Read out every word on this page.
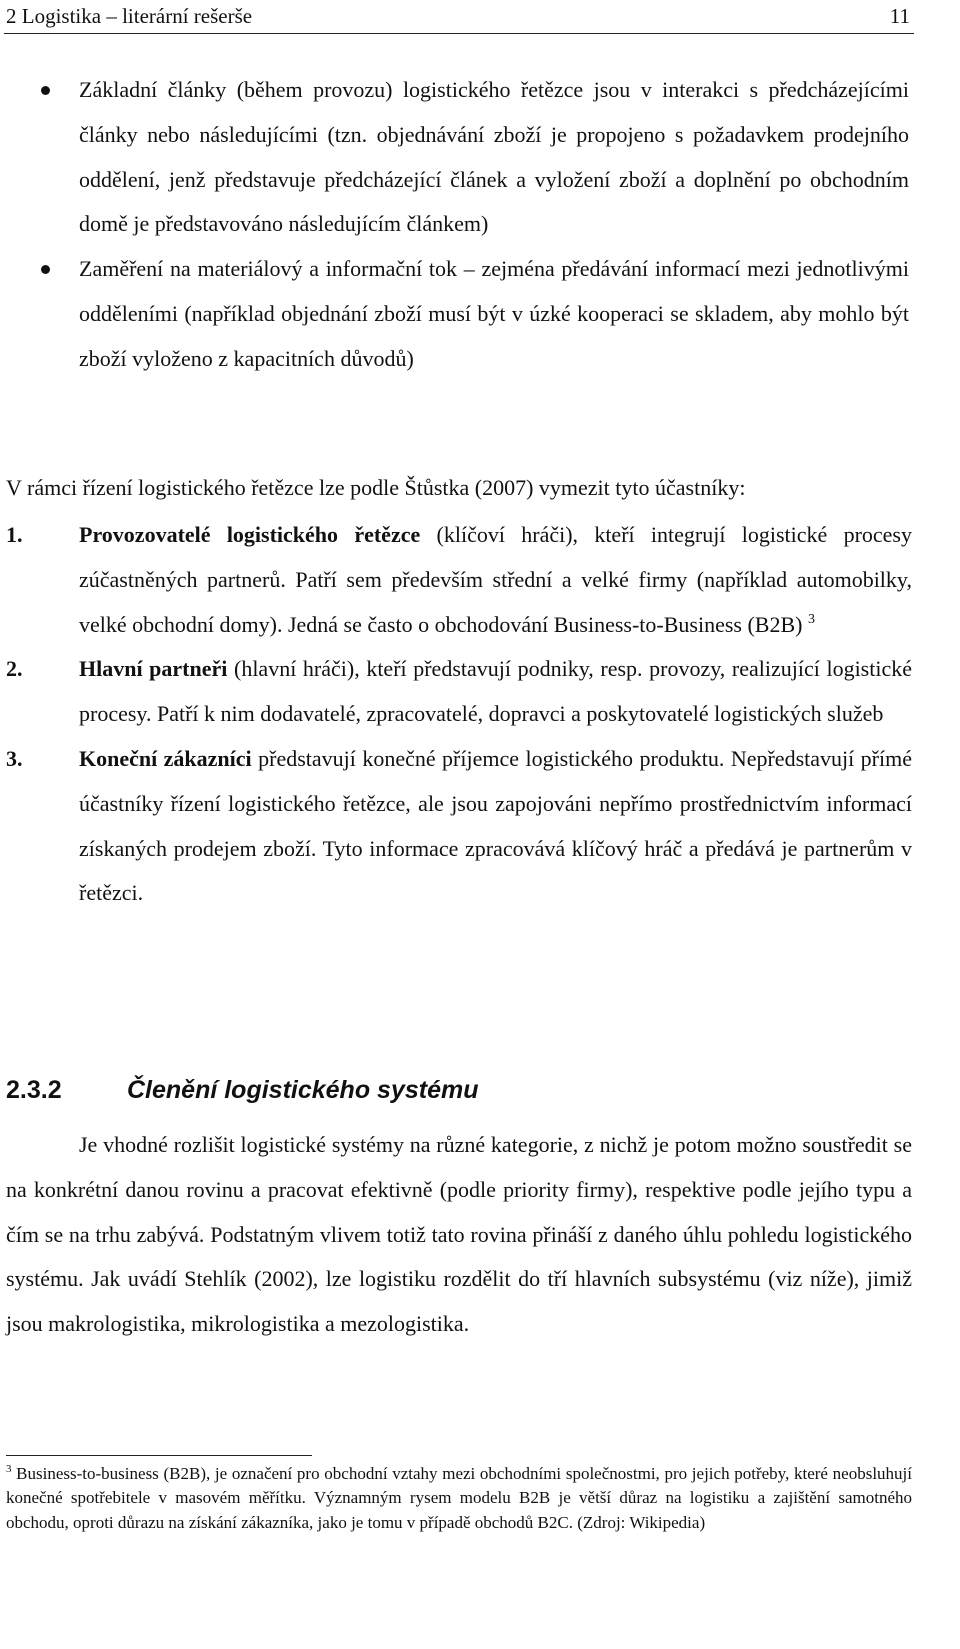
2 Logistika – literární rešerše	11
Základní články (během provozu) logistického řetězce jsou v interakci s předcházejícími články nebo následujícími (tzn. objednávání zboží je propojeno s požadavkem prodejního oddělení, jenž představuje předcházející článek a vyložení zboží a doplnění po obchodním domě je představováno následujícím článkem)
Zaměření na materiálový a informační tok – zejména předávání informací mezi jednotlivými odděleními (například objednání zboží musí být v úzké kooperaci se skladem, aby mohlo být zboží vyloženo z kapacitních důvodů)
V rámci řízení logistického řetězce lze podle Štůstka (2007) vymezit tyto účastníky:
1.	Provozovatelé logistického řetězce (klíčoví hráči), kteří integrují logistické procesy zúčastněných partnerů. Patří sem především střední a velké firmy (například automobilky, velké obchodní domy). Jedná se často o obchodování Business-to-Business (B2B) $^3$
2.	Hlavní partneři (hlavní hráči), kteří představují podniky, resp. provozy, realizující logistické procesy. Patří k nim dodavatelé, zpracovatelé, dopravci a poskytovatelé logistických služeb
3.	Koneční zákazníci představují konečné příjemce logistického produktu. Nepředstavují přímé účastníky řízení logistického řetězce, ale jsou zapojováni nepřímo prostřednictvím informací získaných prodejem zboží. Tyto informace zpracovává klíčový hráč a předává je partnerům v řetězci.
2.3.2	Členění logistického systému
Je vhodné rozlišit logistické systémy na různé kategorie, z nichž je potom možno soustředit se na konkrétní danou rovinu a pracovat efektivně (podle priority firmy), respektive podle jejího typu a čím se na trhu zabývá. Podstatným vlivem totiž tato rovina přináší z daného úhlu pohledu logistického systému. Jak uvádí Stehlík (2002), lze logistiku rozdělit do tří hlavních subsystému (viz níže), jimiž jsou makrologistika, mikrologistika a mezologistika.
$^3$ Business-to-business (B2B), je označení pro obchodní vztahy mezi obchodními společnostmi, pro jejich potřeby, které neobsluhují konečné spotřebitele v masovém měřítku. Významným rysem modelu B2B je větší důraz na logistiku a zajištění samotného obchodu, oproti důrazu na získání zákazníka, jako je tomu v případě obchodů B2C. (Zdroj: Wikipedia)
